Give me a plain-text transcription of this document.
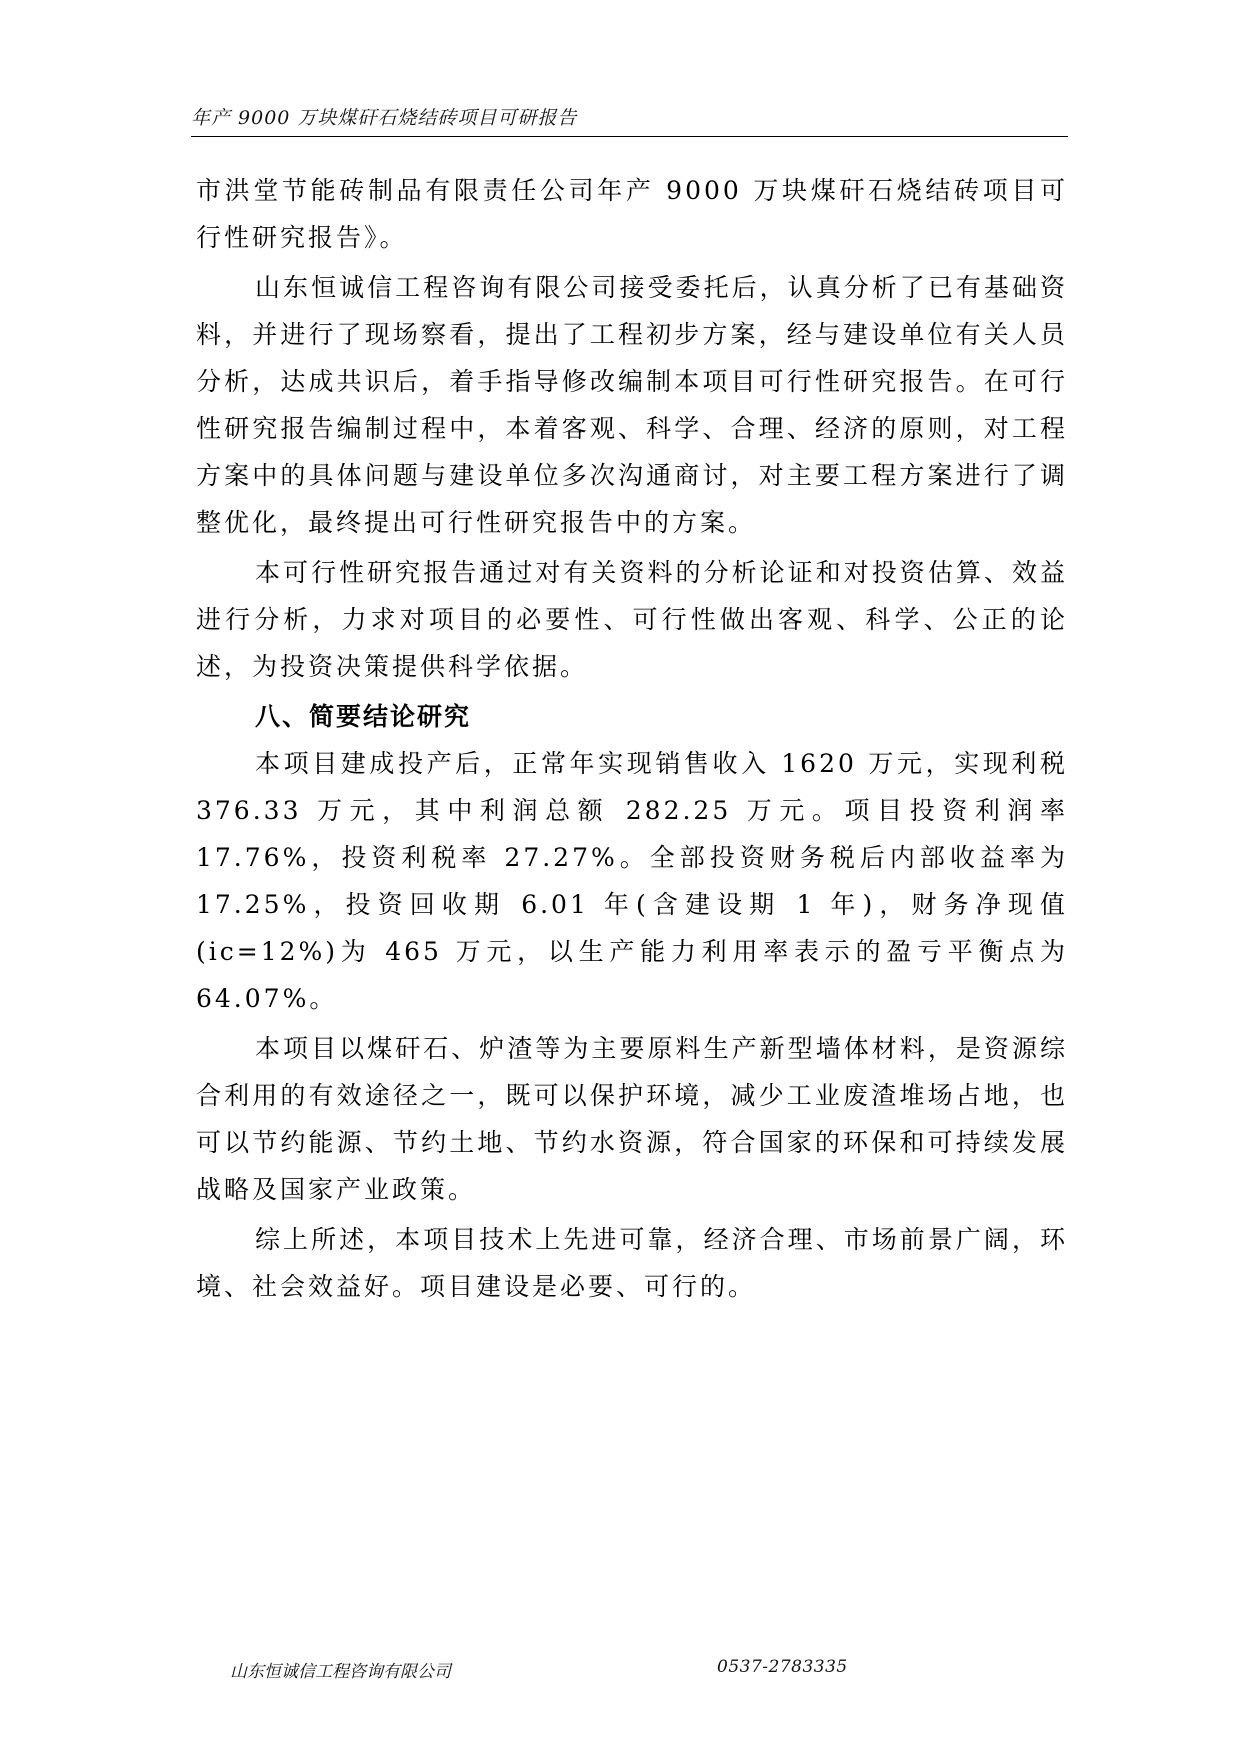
年产 9000 万块煤矸石烧结砖项目可研报告

市洪堂节能砖制品有限责任公司年产 9000 万块煤矸石烧结砖项目可行性研究报告》。

山东恒诚信工程咨询有限公司接受委托后，认真分析了已有基础资料，并进行了现场察看，提出了工程初步方案，经与建设单位有关人员分析，达成共识后，着手指导修改编制本项目可行性研究报告。在可行性研究报告编制过程中，本着客观、科学、合理、经济的原则，对工程方案中的具体问题与建设单位多次沟通商讨，对主要工程方案进行了调整优化，最终提出可行性研究报告中的方案。

本可行性研究报告通过对有关资料的分析论证和对投资估算、效益进行分析，力求对项目的必要性、可行性做出客观、科学、公正的论述，为投资决策提供科学依据。

八、简要结论研究

本项目建成投产后，正常年实现销售收入 1620 万元，实现利税 376.33 万元，其中利润总额 282.25 万元。项目投资利润率 17.76%，投资利税率 27.27%。全部投资财务税后内部收益率为 17.25%，投资回收期 6.01 年(含建设期 1 年)，财务净现值(ic=12%)为 465 万元，以生产能力利用率表示的盈亏平衡点为 64.07%。

本项目以煤矸石、炉渣等为主要原料生产新型墙体材料，是资源综合利用的有效途径之一，既可以保护环境，减少工业废渣堆场占地，也可以节约能源、节约土地、节约水资源，符合国家的环保和可持续发展战略及国家产业政策。

综上所述，本项目技术上先进可靠，经济合理、市场前景广阔，环境、社会效益好。项目建设是必要、可行的。

山东恒诚信工程咨询有限公司	0537-2783335
